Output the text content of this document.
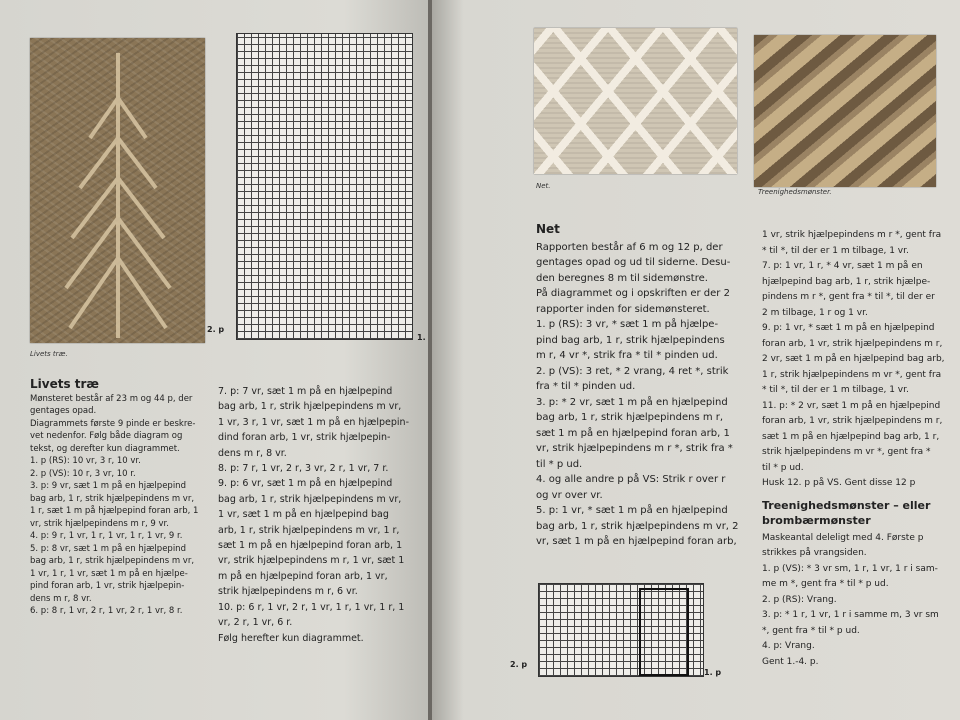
Livets træ.
2. p
1.
Livets træ

Mønsteret består af 23 m og 44 p, der

gentages opad.

Diagrammets første 9 pinde er beskre-

vet nedenfor. Følg både diagram og

tekst, og derefter kun diagrammet.

1. p (RS): 10 vr, 3 r, 10 vr.

2. p (VS): 10 r, 3 vr, 10 r.

3. p: 9 vr, sæt 1 m på en hjælpepind

bag arb, 1 r, strik hjælpepindens m vr,

1 r, sæt 1 m på hjælpepind foran arb, 1

vr, strik hjælpepindens m r, 9 vr.

4. p: 9 r, 1 vr, 1 r, 1 vr, 1 r, 1 vr, 9 r.

5. p: 8 vr, sæt 1 m på en hjælpepind

bag arb, 1 r, strik hjælpepindens m vr,

1 vr, 1 r, 1 vr, sæt 1 m på en hjælpe-

pind foran arb, 1 vr, strik hjælpepin-

dens m r, 8 vr.

6. p: 8 r, 1 vr, 2 r, 1 vr, 2 r, 1 vr, 8 r.

7. p: 7 vr, sæt 1 m på en hjælpepind

bag arb, 1 r, strik hjælpepindens m vr,

1 vr, 3 r, 1 vr, sæt 1 m på en hjælpepin-

dind foran arb, 1 vr, strik hjælpepin-

dens m r, 8 vr.

8. p: 7 r, 1 vr, 2 r, 3 vr, 2 r, 1 vr, 7 r.

9. p: 6 vr, sæt 1 m på en hjælpepind

bag arb, 1 r, strik hjælpepindens m vr,

1 vr, sæt 1 m på en hjælpepind bag

arb, 1 r, strik hjælpepindens m vr, 1 r,

sæt 1 m på en hjælpepind foran arb, 1

vr, strik hjælpepindens m r, 1 vr, sæt 1

m på en hjælpepind foran arb, 1 vr,

strik hjælpepindens m r, 6 vr.

10. p: 6 r, 1 vr, 2 r, 1 vr, 1 r, 1 vr, 1 r, 1

vr, 2 r, 1 vr, 6 r.

Følg herefter kun diagrammet.

Net.
Treenighedsmønster.
Net

Rapporten består af 6 m og 12 p, der

gentages opad og ud til siderne. Desu-

den beregnes 8 m til sidemønstre.

På diagrammet og i opskriften er der 2

rapporter inden for sidemønsteret.

1. p (RS): 3 vr, * sæt 1 m på hjælpe-

pind bag arb, 1 r, strik hjælpepindens

m r, 4 vr *, strik fra * til * pinden ud.

2. p (VS): 3 ret, * 2 vrang, 4 ret *, strik

fra * til * pinden ud.

3. p: * 2 vr, sæt 1 m på en hjælpepind

bag arb, 1 r, strik hjælpepindens m r,

sæt 1 m på en hjælpepind foran arb, 1

vr, strik hjælpepindens m r *, strik fra *

til * p ud.

4. og alle andre p på VS: Strik r over r

og vr over vr.

5. p: 1 vr, * sæt 1 m på en hjælpepind

bag arb, 1 r, strik hjælpepindens m vr, 2

vr, sæt 1 m på en hjælpepind foran arb,

1 vr, strik hjælpepindens m r *, gent fra

* til *, til der er 1 m tilbage, 1 vr.

7. p: 1 vr, 1 r, * 4 vr, sæt 1 m på en

hjælpepind bag arb, 1 r, strik hjælpe-

pindens m r *, gent fra * til *, til der er

2 m tilbage, 1 r og 1 vr.

9. p: 1 vr, * sæt 1 m på en hjælpepind

foran arb, 1 vr, strik hjælpepindens m r,

2 vr, sæt 1 m på en hjælpepind bag arb,

1 r, strik hjælpepindens m vr *, gent fra

* til *, til der er 1 m tilbage, 1 vr.

11. p: * 2 vr, sæt 1 m på en hjælpepind

foran arb, 1 vr, strik hjælpepindens m r,

sæt 1 m på en hjælpepind bag arb, 1 r,

strik hjælpepindens m vr *, gent fra *

til * p ud.

Husk 12. p på VS. Gent disse 12 p

Treenighedsmønster – eller
brombærmønster

Maskeantal deleligt med 4. Første p

strikkes på vrangsiden.

1. p (VS): * 3 vr sm, 1 r, 1 vr, 1 r i sam-

me m *, gent fra * til * p ud.

2. p (RS): Vrang.

3. p: * 1 r, 1 vr, 1 r i samme m, 3 vr sm

*, gent fra * til * p ud.

4. p: Vrang.

Gent 1.-4. p.

2. p
1. p
